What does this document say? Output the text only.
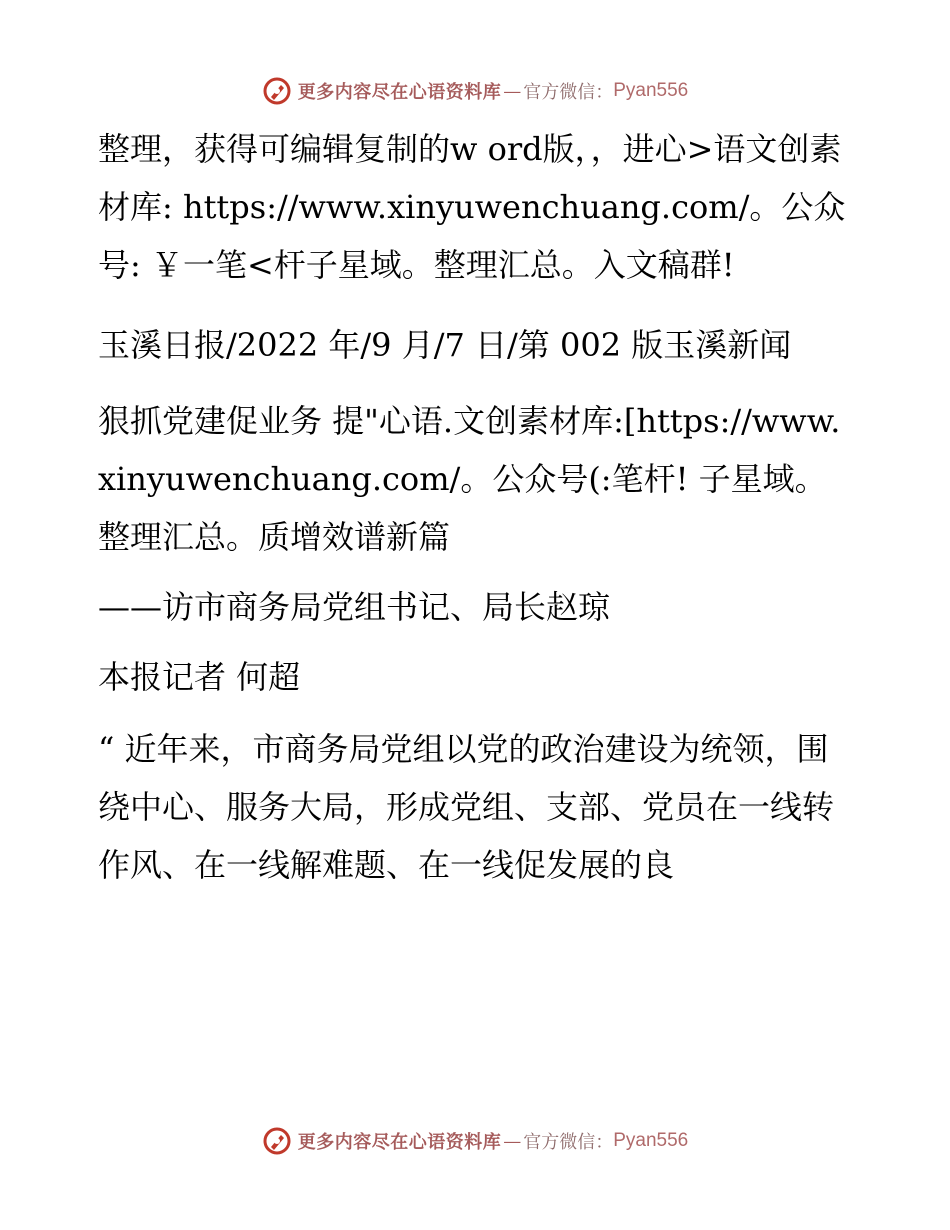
更多内容尽在心语资料库 — 官方微信： Pyan556

整理，获得可编辑复制的w ord版，，进心>语文创素材库: https://www.xinyuwenchuang.com/。公众号: ￥一笔<杆子星域。整理汇总。入文稿群!

玉溪日报/2022 年/9 月/7 日/第 002 版玉溪新闻

狠抓党建促业务 提"心语.文创素材库:[https://www.xinyuwenchuang.com/。公众号(:笔杆! 子星域。整理汇总。质增效谱新篇

——访市商务局党组书记、局长赵琼

本报记者 何超

“ 近年来，市商务局党组以党的政治建设为统领，围绕中心、服务大局，形成党组、支部、党员在一线转作风、在一线解难题、在一线促发展的良

更多内容尽在心语资料库 — 官方微信： Pyan556
